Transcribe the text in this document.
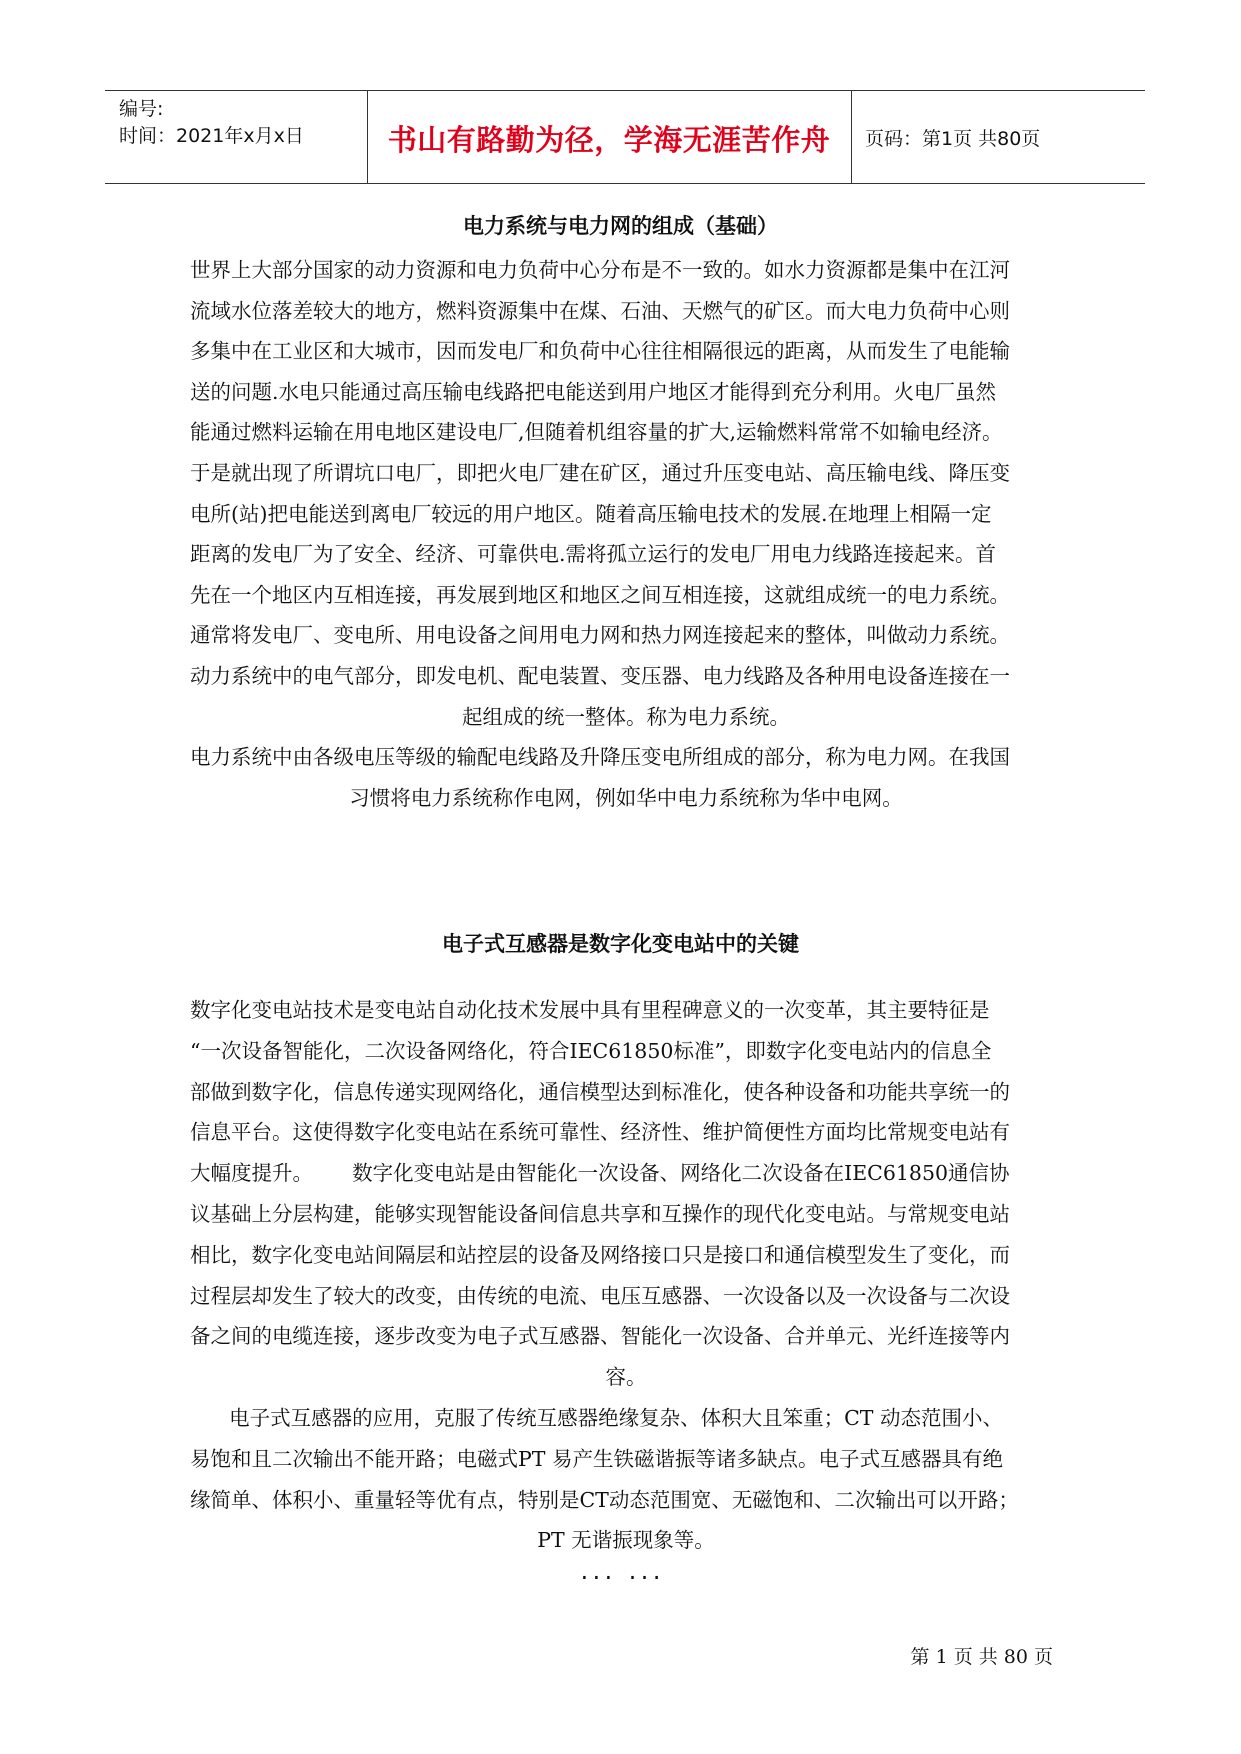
编号:
时间：2021年x月x日	书山有路勤为径，学海无涯苦作舟	页码：第1页 共80页
电力系统与电力网的组成（基础）
世界上大部分国家的动力资源和电力负荷中心分布是不一致的。如水力资源都是集中在江河
流域水位落差较大的地方，燃料资源集中在煤、石油、天燃气的矿区。而大电力负荷中心则
多集中在工业区和大城市，因而发电厂和负荷中心往往相隔很远的距离，从而发生了电能输
送的问题.水电只能通过高压输电线路把电能送到用户地区才能得到充分利用。火电厂虽然
能通过燃料运输在用电地区建设电厂,但随着机组容量的扩大,运输燃料常常不如输电经济。
于是就出现了所谓坑口电厂，即把火电厂建在矿区，通过升压变电站、高压输电线、降压变
电所(站)把电能送到离电厂较远的用户地区。随着高压输电技术的发展.在地理上相隔一定
距离的发电厂为了安全、经济、可靠供电.需将孤立运行的发电厂用电力线路连接起来。首
先在一个地区内互相连接，再发展到地区和地区之间互相连接，这就组成统一的电力系统。
通常将发电厂、变电所、用电设备之间用电力网和热力网连接起来的整体，叫做动力系统。
动力系统中的电气部分，即发电机、配电装置、变压器、电力线路及各种用电设备连接在一
起组成的统一整体。称为电力系统。
电力系统中由各级电压等级的输配电线路及升降压变电所组成的部分，称为电力网。在我国
习惯将电力系统称作电网，例如华中电力系统称为华中电网。
电子式互感器是数字化变电站中的关键
数字化变电站技术是变电站自动化技术发展中具有里程碑意义的一次变革，其主要特征是
“一次设备智能化，二次设备网络化，符合IEC61850标准”，即数字化变电站内的信息全
部做到数字化，信息传递实现网络化，通信模型达到标准化，使各种设备和功能共享统一的
信息平台。这使得数字化变电站在系统可靠性、经济性、维护简便性方面均比常规变电站有
大幅度提升。      数字化变电站是由智能化一次设备、网络化二次设备在IEC61850通信协
议基础上分层构建，能够实现智能设备间信息共享和互操作的现代化变电站。与常规变电站
相比，数字化变电站间隔层和站控层的设备及网络接口只是接口和通信模型发生了变化，而
过程层却发生了较大的改变，由传统的电流、电压互感器、一次设备以及一次设备与二次设
备之间的电缆连接，逐步改变为电子式互感器、智能化一次设备、合并单元、光纤连接等内
容。
电子式互感器的应用，克服了传统互感器绝缘复杂、体积大且笨重；CT 动态范围小、
易饱和且二次输出不能开路；电磁式PT 易产生铁磁谐振等诸多缺点。电子式互感器具有绝
缘简单、体积小、重量轻等优有点，特别是CT动态范围宽、无磁饱和、二次输出可以开路；
PT 无谐振现象等。
... ...
第 1 页 共 80 页
